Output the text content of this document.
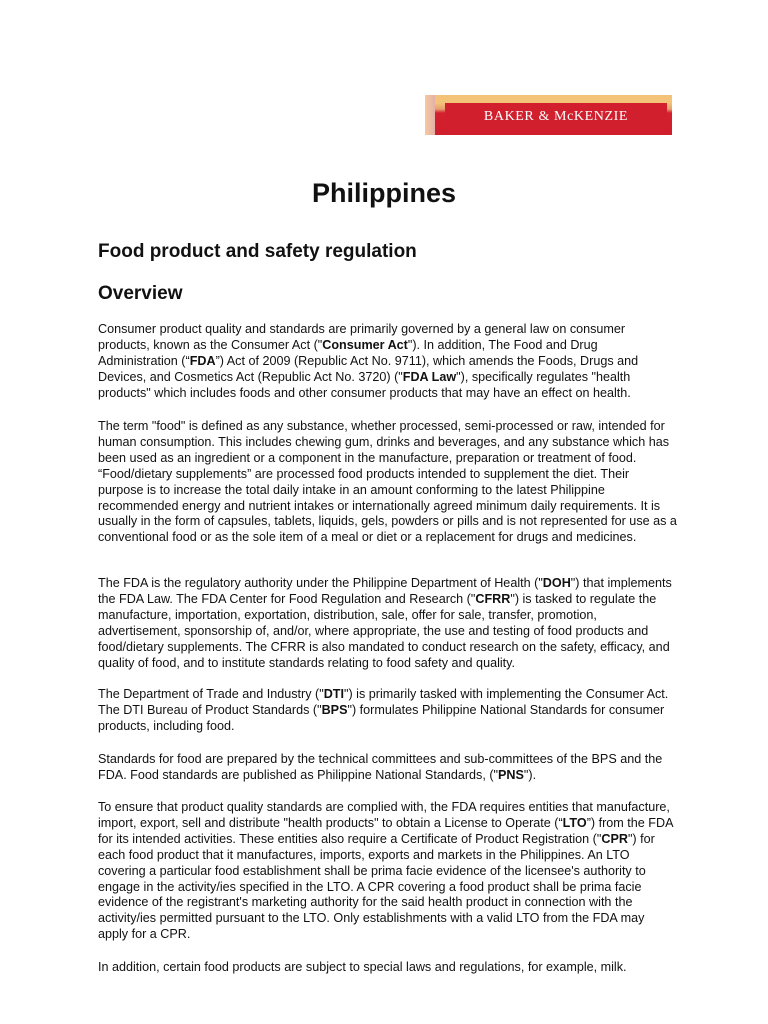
BAKER & McKENZIE
Philippines
Food product and safety regulation
Overview

Consumer product quality and standards are primarily governed by a general law on consumer products, known as the Consumer Act ("Consumer Act"). In addition, The Food and Drug Administration (“FDA”) Act of 2009 (Republic Act No. 9711), which amends the Foods, Drugs and Devices, and Cosmetics Act (Republic Act No. 3720) ("FDA Law"), specifically regulates "health products" which includes foods and other consumer products that may have an effect on health.

The term "food" is defined as any substance, whether processed, semi-processed or raw, intended for human consumption. This includes chewing gum, drinks and beverages, and any substance which has been used as an ingredient or a component in the manufacture, preparation or treatment of food. “Food/dietary supplements” are processed food products intended to supplement the diet. Their purpose is to increase the total daily intake in an amount conforming to the latest Philippine recommended energy and nutrient intakes or internationally agreed minimum daily requirements. It is usually in the form of capsules, tablets, liquids, gels, powders or pills and is not represented for use as a conventional food or as the sole item of a meal or diet or a replacement for drugs and medicines.

The FDA is the regulatory authority under the Philippine Department of Health ("DOH") that implements the FDA Law. The FDA Center for Food Regulation and Research ("CFRR") is tasked to regulate the manufacture, importation, exportation, distribution, sale, offer for sale, transfer, promotion, advertisement, sponsorship of, and/or, where appropriate, the use and testing of food products and food/dietary supplements. The CFRR is also mandated to conduct research on the safety, efficacy, and quality of food, and to institute standards relating to food safety and quality.

The Department of Trade and Industry ("DTI") is primarily tasked with implementing the Consumer Act. The DTI Bureau of Product Standards ("BPS") formulates Philippine National Standards for consumer products, including food.

Standards for food are prepared by the technical committees and sub-committees of the BPS and the FDA. Food standards are published as Philippine National Standards, ("PNS").

To ensure that product quality standards are complied with, the FDA requires entities that manufacture, import, export, sell and distribute "health products" to obtain a License to Operate (“LTO”) from the FDA for its intended activities. These entities also require a Certificate of Product Registration ("CPR") for each food product that it manufactures, imports, exports and markets in the Philippines. An LTO covering a particular food establishment shall be prima facie evidence of the licensee's authority to engage in the activity/ies specified in the LTO. A CPR covering a food product shall be prima facie evidence of the registrant's marketing authority for the said health product in connection with the activity/ies permitted pursuant to the LTO. Only establishments with a valid LTO from the FDA may apply for a CPR.

In addition, certain food products are subject to special laws and regulations, for example, milk.
